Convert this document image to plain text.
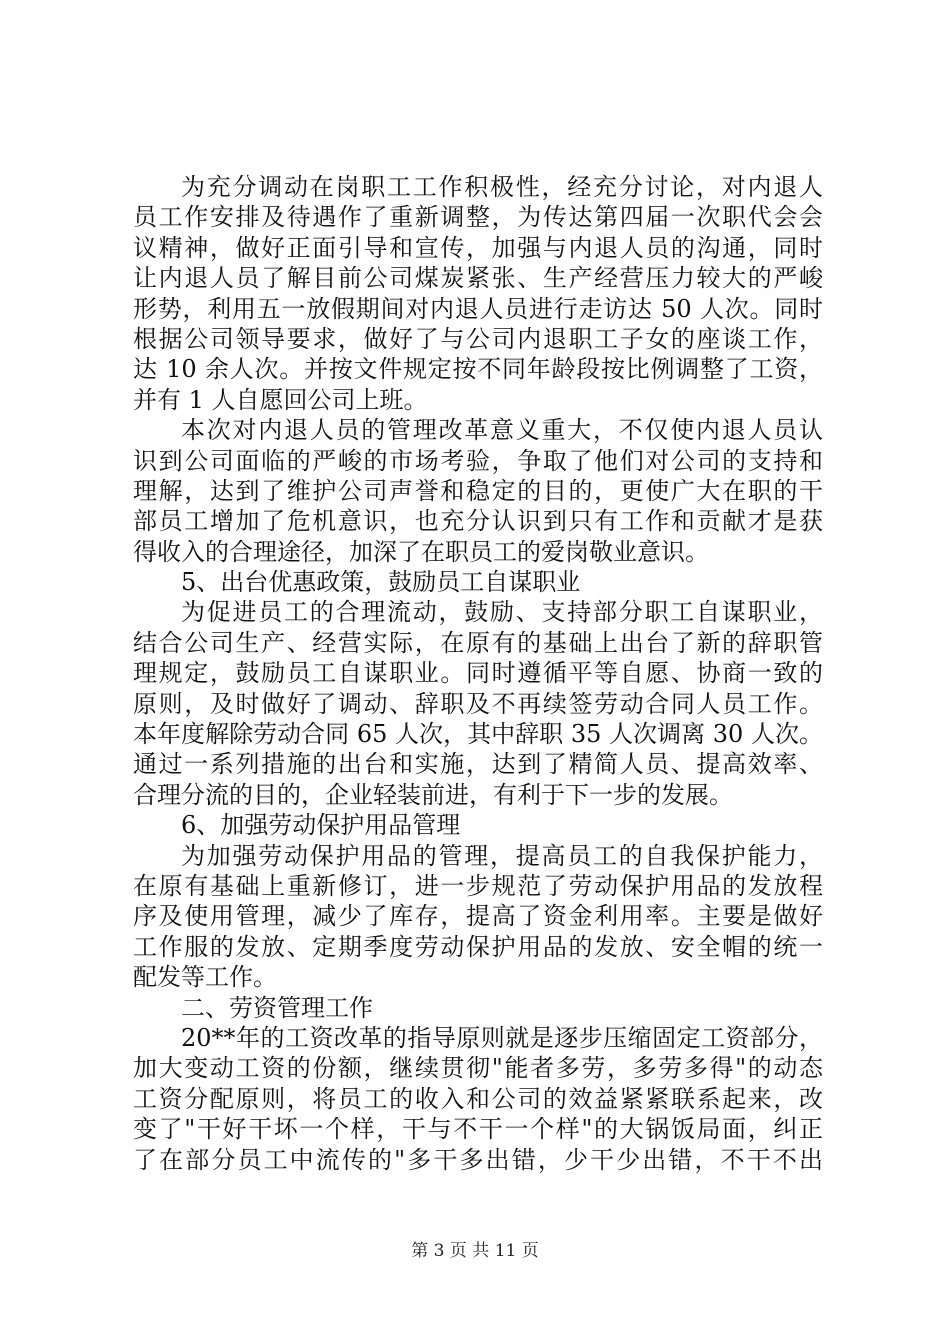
为充分调动在岗职工工作积极性，经充分讨论，对内退人
员工作安排及待遇作了重新调整，为传达第四届一次职代会会
议精神，做好正面引导和宣传，加强与内退人员的沟通，同时
让内退人员了解目前公司煤炭紧张、生产经营压力较大的严峻
形势，利用五一放假期间对内退人员进行走访达 50 人次。同时
根据公司领导要求，做好了与公司内退职工子女的座谈工作，
达 10 余人次。并按文件规定按不同年龄段按比例调整了工资，
并有 1 人自愿回公司上班。
本次对内退人员的管理改革意义重大，不仅使内退人员认
识到公司面临的严峻的市场考验，争取了他们对公司的支持和
理解，达到了维护公司声誉和稳定的目的，更使广大在职的干
部员工增加了危机意识，也充分认识到只有工作和贡献才是获
得收入的合理途径，加深了在职员工的爱岗敬业意识。
5、出台优惠政策，鼓励员工自谋职业
为促进员工的合理流动，鼓励、支持部分职工自谋职业，
结合公司生产、经营实际，在原有的基础上出台了新的辞职管
理规定，鼓励员工自谋职业。同时遵循平等自愿、协商一致的
原则，及时做好了调动、辞职及不再续签劳动合同人员工作。
本年度解除劳动合同 65 人次，其中辞职 35 人次调离 30 人次。
通过一系列措施的出台和实施，达到了精简人员、提高效率、
合理分流的目的，企业轻装前进，有利于下一步的发展。
6、加强劳动保护用品管理
为加强劳动保护用品的管理，提高员工的自我保护能力，
在原有基础上重新修订，进一步规范了劳动保护用品的发放程
序及使用管理，减少了库存，提高了资金利用率。主要是做好
工作服的发放、定期季度劳动保护用品的发放、安全帽的统一
配发等工作。
二、劳资管理工作
20**年的工资改革的指导原则就是逐步压缩固定工资部分，
加大变动工资的份额，继续贯彻"能者多劳，多劳多得"的动态
工资分配原则，将员工的收入和公司的效益紧紧联系起来，改
变了"干好干坏一个样，干与不干一个样"的大锅饭局面，纠正
了在部分员工中流传的"多干多出错，少干少出错，不干不出
第 3 页 共 11 页
